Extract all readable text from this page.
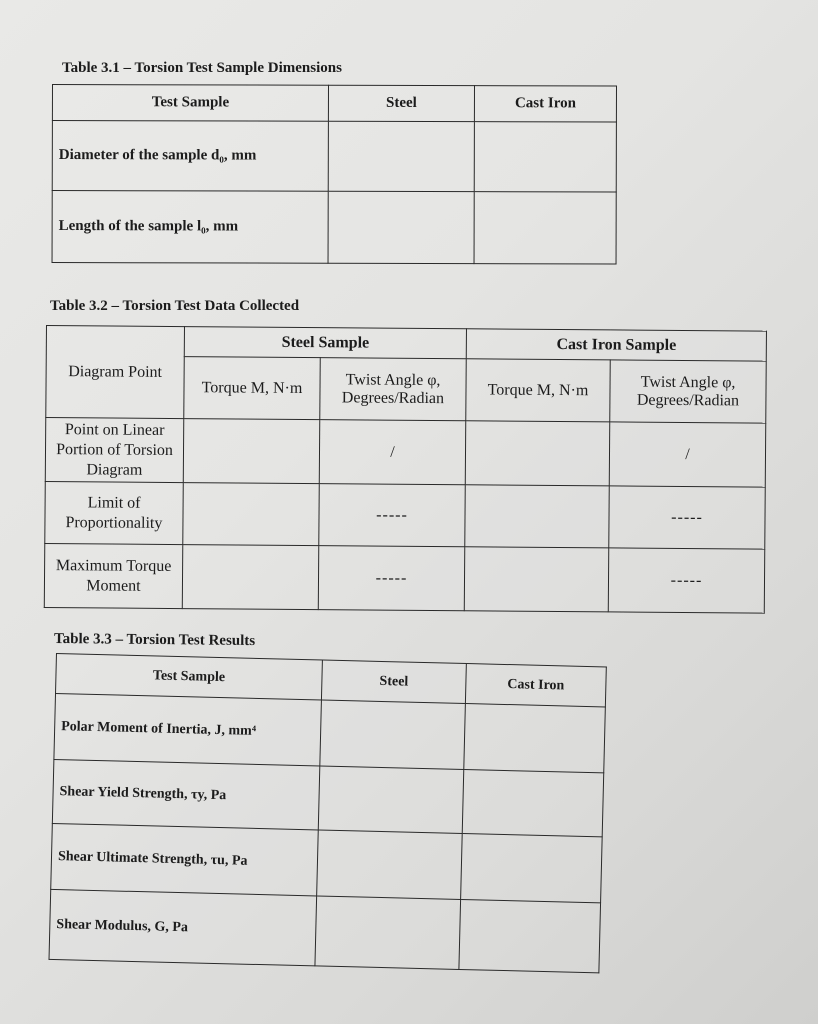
Table 3.1 – Torsion Test Sample Dimensions
Test Sample	Steel	Cast Iron
Diameter of the sample d₀, mm		
Length of the sample l₀, mm		
Table 3.2 – Torsion Test Data Collected
Diagram Point	Steel Sample		Cast Iron Sample	
	Torque M, N·m	Twist Angle φ, Degrees/Radian	Torque M, N·m	Twist Angle φ, Degrees/Radian
Point on Linear Portion of Torsion Diagram		/		/
Limit of Proportionality		-----		-----
Maximum Torque Moment		-----		-----
Table 3.3 – Torsion Test Results
Test Sample	Steel	Cast Iron
Polar Moment of Inertia, J, mm⁴		
Shear Yield Strength, τy, Pa		
Shear Ultimate Strength, τu, Pa		
Shear Modulus, G, Pa		
